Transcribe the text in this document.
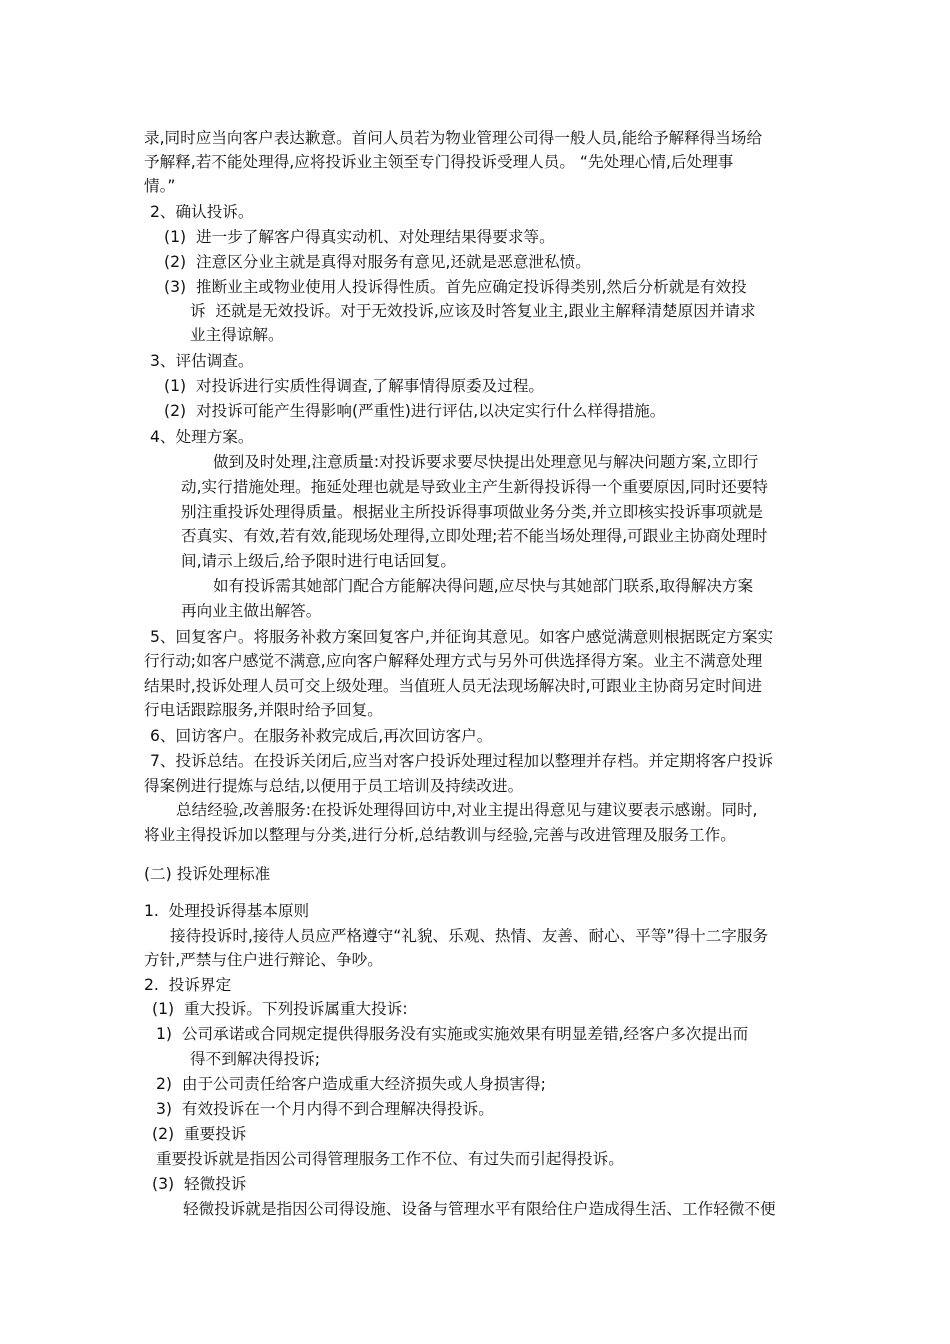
录,同时应当向客户表达歉意。首问人员若为物业管理公司得一般人员,能给予解释得当场给
予解释,若不能处理得,应将投诉业主领至专门得投诉受理人员。 “先处理心情,后处理事
情。”
2、确认投诉。
(1)  进一步了解客户得真实动机、对处理结果得要求等。
(2)  注意区分业主就是真得对服务有意见,还就是恶意泄私愤。
(3)  推断业主或物业使用人投诉得性质。首先应确定投诉得类别,然后分析就是有效投
诉  还就是无效投诉。对于无效投诉,应该及时答复业主,跟业主解释清楚原因并请求
业主得谅解。
3、评估调查。
(1)  对投诉进行实质性得调查,了解事情得原委及过程。
(2)  对投诉可能产生得影响(严重性)进行评估,以决定实行什么样得措施。
4、处理方案。
做到及时处理,注意质量:对投诉要求要尽快提出处理意见与解决问题方案,立即行
动,实行措施处理。拖延处理也就是导致业主产生新得投诉得一个重要原因,同时还要特
别注重投诉处理得质量。根据业主所投诉得事项做业务分类,并立即核实投诉事项就是
否真实、有效,若有效,能现场处理得,立即处理;若不能当场处理得,可跟业主协商处理时
间,请示上级后,给予限时进行电话回复。
如有投诉需其她部门配合方能解决得问题,应尽快与其她部门联系,取得解决方案
再向业主做出解答。
5、回复客户。将服务补救方案回复客户,并征询其意见。如客户感觉满意则根据既定方案实
行行动;如客户感觉不满意,应向客户解释处理方式与另外可供选择得方案。业主不满意处理
结果时,投诉处理人员可交上级处理。当值班人员无法现场解决时,可跟业主协商另定时间进
行电话跟踪服务,并限时给予回复。
6、回访客户。在服务补救完成后,再次回访客户。
7、投诉总结。在投诉关闭后,应当对客户投诉处理过程加以整理并存档。并定期将客户投诉
得案例进行提炼与总结,以便用于员工培训及持续改进。
总结经验,改善服务:在投诉处理得回访中,对业主提出得意见与建议要表示感谢。同时,
将业主得投诉加以整理与分类,进行分析,总结教训与经验,完善与改进管理及服务工作。
(二) 投诉处理标准
1.  处理投诉得基本原则
接待投诉时,接待人员应严格遵守“礼貌、乐观、热情、友善、耐心、平等”得十二字服务
方针,严禁与住户进行辩论、争吵。
2.  投诉界定
(1)  重大投诉。下列投诉属重大投诉:
1)  公司承诺或合同规定提供得服务没有实施或实施效果有明显差错,经客户多次提出而
得不到解决得投诉;
2)  由于公司责任给客户造成重大经济损失或人身损害得;
3)  有效投诉在一个月内得不到合理解决得投诉。
(2)  重要投诉
重要投诉就是指因公司得管理服务工作不位、有过失而引起得投诉。
(3)  轻微投诉
轻微投诉就是指因公司得设施、设备与管理水平有限给住户造成得生活、工作轻微不便
